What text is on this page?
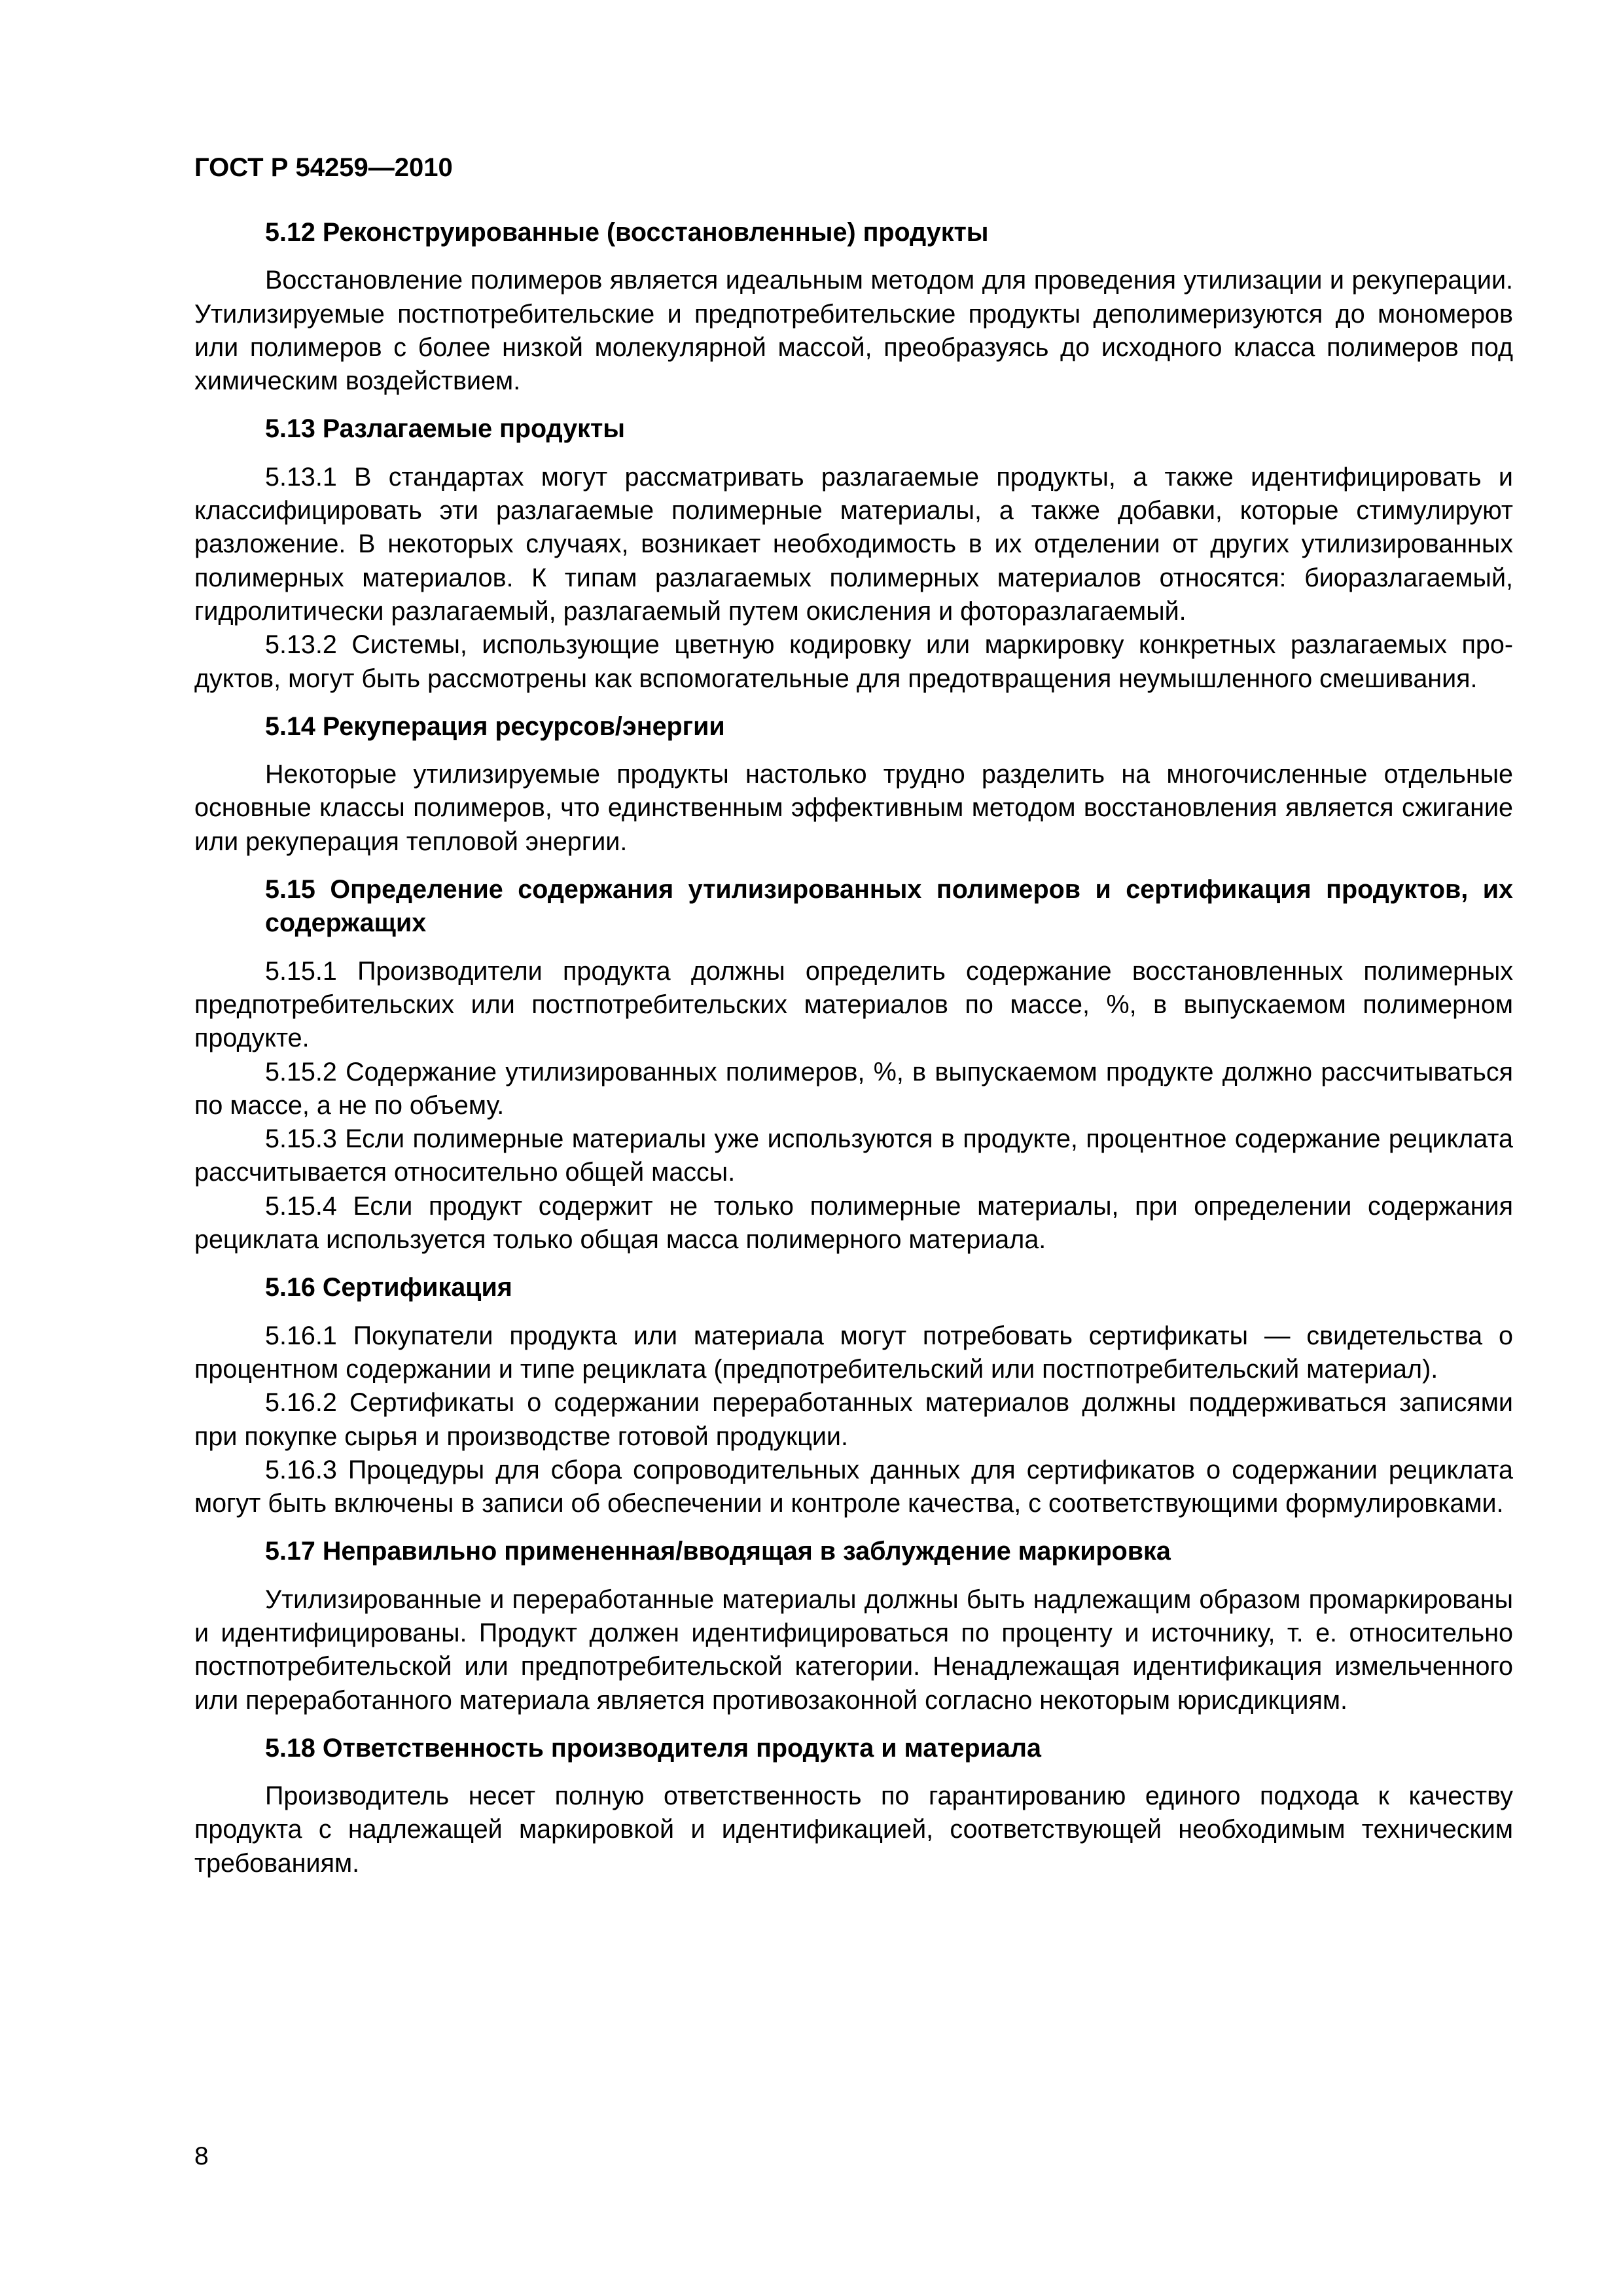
ГОСТ Р 54259—2010
5.12 Реконструированные (восстановленные) продукты

Восстановление полимеров является идеальным методом для проведения утилизации и рекуперации. Утилизируемые постпотребительские и предпотребительские продукты деполимеризуются до мономеров или полимеров с более низкой молекулярной массой, преобразуясь до исходного класса полимеров под химическим воздействием.

5.13 Разлагаемые продукты

5.13.1 В стандартах могут рассматривать разлагаемые продукты, а также идентифицировать и классифицировать эти разлагаемые полимерные материалы, а также добавки, которые стимулируют разложение. В некоторых случаях, возникает необходимость в их отделении от других утилизированных полимерных материалов. К типам разлагаемых полимерных материалов относятся: биоразлагаемый, гидролитически разлагаемый, разлагаемый путем окисления и фоторазлагаемый.

5.13.2 Системы, использующие цветную кодировку или маркировку конкретных разлагаемых продуктов, могут быть рассмотрены как вспомогательные для предотвращения неумышленного смешивания.

5.14 Рекуперация ресурсов/энергии

Некоторые утилизируемые продукты настолько трудно разделить на многочисленные отдельные основные классы полимеров, что единственным эффективным методом восстановления является сжигание или рекуперация тепловой энергии.

5.15 Определение содержания утилизированных полимеров и сертификация продуктов, их содержащих

5.15.1 Производители продукта должны определить содержание восстановленных полимерных предпотребительских или постпотребительских материалов по массе, %, в выпускаемом полимерном продукте.

5.15.2 Содержание утилизированных полимеров, %, в выпускаемом продукте должно рассчитываться по массе, а не по объему.

5.15.3 Если полимерные материалы уже используются в продукте, процентное содержание рециклата рассчитывается относительно общей массы.

5.15.4 Если продукт содержит не только полимерные материалы, при определении содержания рециклата используется только общая масса полимерного материала.

5.16 Сертификация

5.16.1 Покупатели продукта или материала могут потребовать сертификаты — свидетельства о процентном содержании и типе рециклата (предпотребительский или постпотребительский материал).

5.16.2 Сертификаты о содержании переработанных материалов должны поддерживаться записями при покупке сырья и производстве готовой продукции.

5.16.3 Процедуры для сбора сопроводительных данных для сертификатов о содержании рециклата могут быть включены в записи об обеспечении и контроле качества, с соответствующими формулировками.

5.17 Неправильно примененная/вводящая в заблуждение маркировка

Утилизированные и переработанные материалы должны быть надлежащим образом промаркированы и идентифицированы. Продукт должен идентифицироваться по проценту и источнику, т. е. относительно постпотребительской или предпотребительской категории. Ненадлежащая идентификация измельченного или переработанного материала является противозаконной согласно некоторым юрисдикциям.

5.18 Ответственность производителя продукта и материала

Производитель несет полную ответственность по гарантированию единого подхода к качеству продукта с надлежащей маркировкой и идентификацией, соответствующей необходимым техническим требованиям.

8
